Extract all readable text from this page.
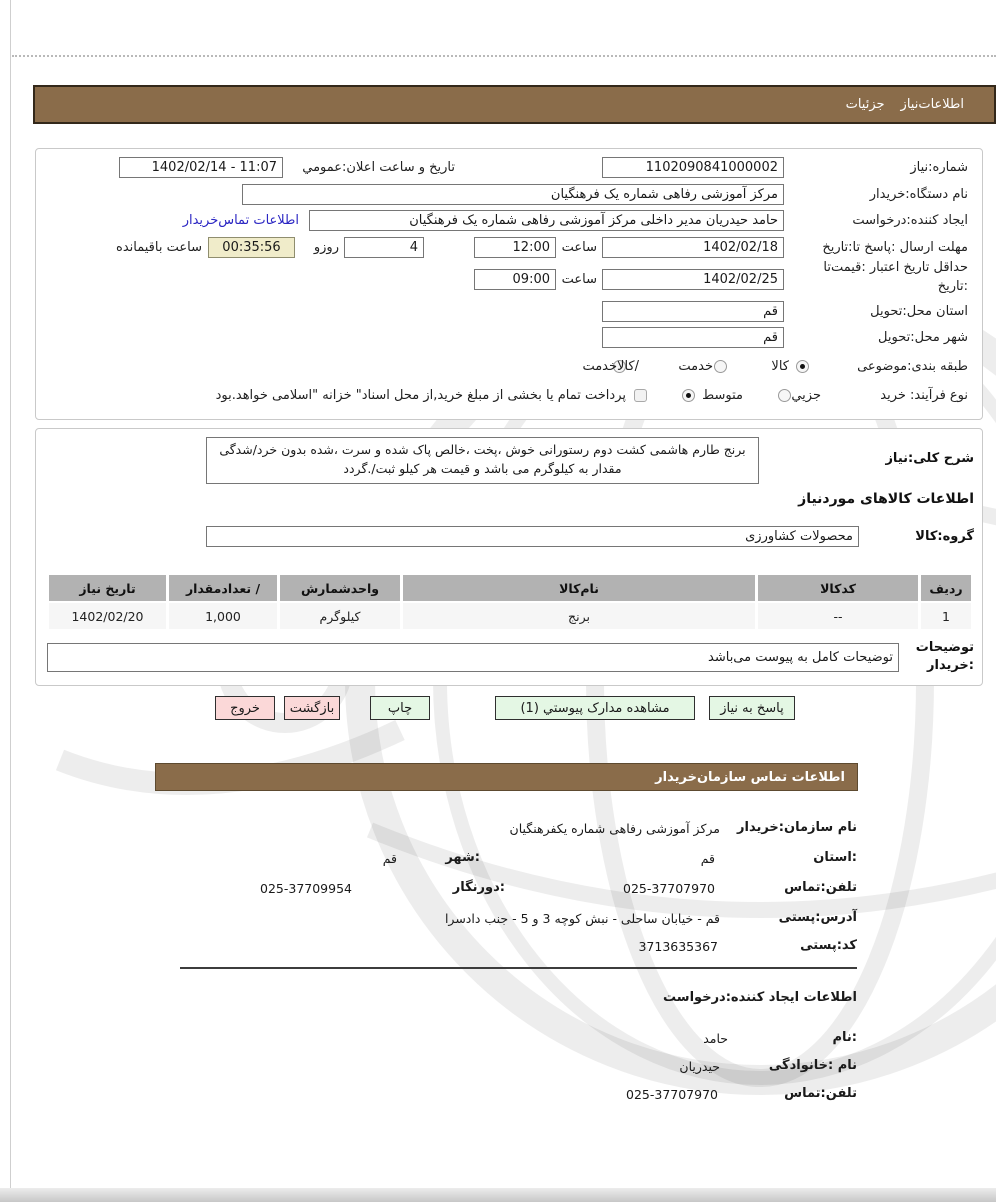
اطلاعات‌نیاز
جزئیات
شماره:نیاز
1102090841000002
تاریخ و ساعت اعلان:عمومي
1402/02/14 - 11:07
نام دستگاه:خریدار
مرکز آموزشی رفاهی شماره یک فرهنگیان
ایجاد کننده:درخواست
حامد حیدریان مدیر داخلی مرکز آموزشی رفاهی شماره یک فرهنگیان
اطلاعات تماس‌خریدار
مهلت ارسال :پاسخ تا:تاریخ
1402/02/18
ساعت
12:00
4
روزو
00:35:56
ساعت باقیمانده
حداقل تاریخ اعتبار :قیمت‌تا :تاریخ
1402/02/25
ساعت
09:00
استان محل:تحویل
قم
شهر محل:تحویل
قم
طبقه بندی:موضوعی

کالا

خدمت

/کالاخدمت
نوع فرآیند: خرید

جزيي
متوسط
پرداخت تمام یا بخشی از مبلغ خرید,از محل اسناد" خزانه "اسلامی خواهد.بود
شرح کلی:نیاز
برنج طارم هاشمی کشت دوم رستورانی خوش ،پخت ،خالص پاک شده و سرت ،شده بدون خرد/شدگی مقدار به کیلوگرم می باشد و قیمت هر کیلو ثبت/.گردد
اطلاعات کالاهای موردنیاز
گروه:کالا
محصولات کشاورزی
ردیف	کدکالا	نام‌کالا	واحدشمارش	/ تعدادمقدار	تاریخ نیاز
1	--	برنج	کیلوگرم	1,000	1402/02/20
توضیحات :خریدار
توضیحات کامل به پیوست می‌باشد
پاسخ به نیاز
مشاهده مدارک پیوستي (1)
چاپ
بازگشت
خروج
اطلاعات تماس سازمان‌خریدار
نام سازمان:خریدار
مرکز آموزشی رفاهی شماره یکفرهنگیان
:استان
قم
:شهر
قم
تلفن:تماس
025-37707970
:دورنگار
025-37709954
آدرس:پستی
قم - خیابان ساحلی - نبش کوچه 3 و 5 - جنب دادسرا
کد:پستی
3713635367
اطلاعات ایجاد کننده:درخواست
:نام
حامد
نام :خانوادگی
حیدریان
تلفن:تماس
025-37707970
